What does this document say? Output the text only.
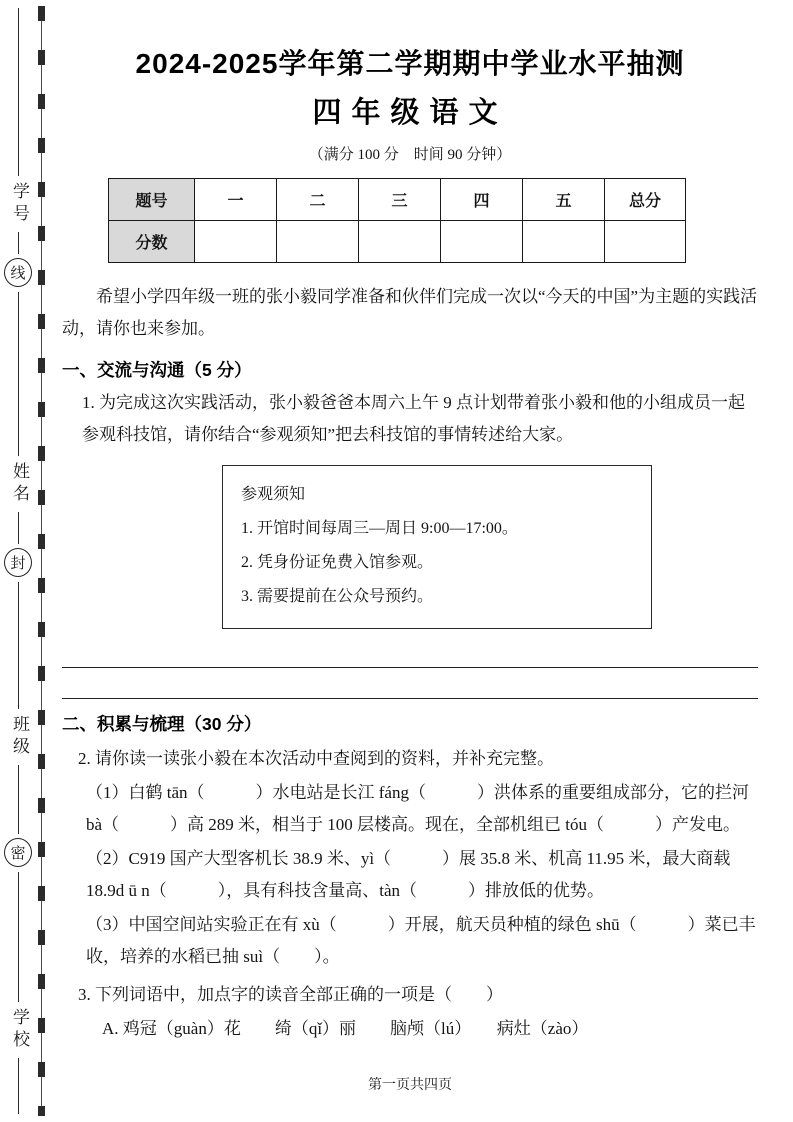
学号
线
姓名
封
班级
密
学校
2024-2025学年第二学期期中学业水平抽测
四年级语文
（满分 100 分　时间 90 分钟）
题号	一	二	三	四	五	总分
分数						
希望小学四年级一班的张小毅同学准备和伙伴们完成一次以“今天的中国”为主题的实践活动，请你也来参加。
一、交流与沟通（5 分）
1. 为完成这次实践活动，张小毅爸爸本周六上午 9 点计划带着张小毅和他的小组成员一起参观科技馆，请你结合“参观须知”把去科技馆的事情转述给大家。
参观须知
1. 开馆时间每周三—周日 9:00—17:00。
2. 凭身份证免费入馆参观。
3. 需要提前在公众号预约。
二、积累与梳理（30 分）
2. 请你读一读张小毅在本次活动中查阅到的资料，并补充完整。
（1）白鹤 tān（　　　）水电站是长江 fáng（　　　）洪体系的重要组成部分，它的拦河 bà（　　　）高 289 米，相当于 100 层楼高。现在，全部机组已 tóu（　　　）产发电。
（2）C919 国产大型客机长 38.9 米、yì（　　　）展 35.8 米、机高 11.95 米，最大商载 18.9d ū n（　　　），具有科技含量高、tàn（　　　）排放低的优势。
（3）中国空间站实验正在有 xù（　　　）开展，航天员种植的绿色 shū（　　　）菜已丰收，培养的水稻已抽 suì（　　）。
3. 下列词语中，加点字的读音全部正确的一项是（　　）
A. 鸡冠（guàn）花　　绮（qǐ）丽　　脑颅（lú）　　病灶（zào）
第一页共四页
